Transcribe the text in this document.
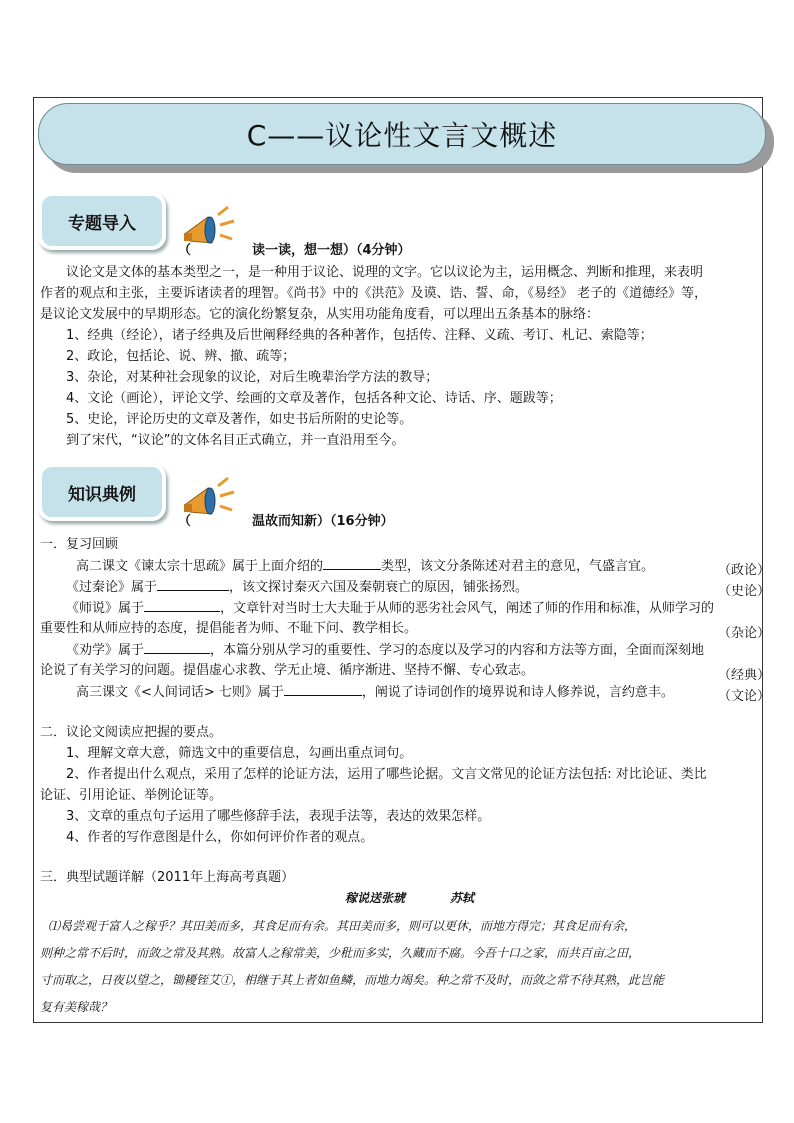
C——议论性文言文概述
专题导入
（	读一读，想一想）（4分钟）
议论文是文体的基本类型之一，是一种用于议论、说理的文字。它以议论为主，运用概念、判断和推理，来表明
作者的观点和主张，主要诉诸读者的理智。《尚书》中的《洪范》及谟、诰、誓、命，《易经》 老子的《道德经》等，
是议论文发展中的早期形态。它的演化纷繁复杂，从实用功能角度看，可以理出五条基本的脉络：
1、经典（经论），诸子经典及后世阐释经典的各种著作，包括传、注释、义疏、考订、札记、索隐等；
2、政论，包括论、说、辨、撤、疏等；
3、杂论，对某种社会现象的议论，对后生晚辈治学方法的教导；
4、文论（画论），评论文学、绘画的文章及著作，包括各种文论、诗话、序、题跋等；
5、史论，评论历史的文章及著作，如史书后所附的史论等。
到了宋代，“议论”的文体名目正式确立，并一直沿用至今。
知识典例
（	温故而知新）（16分钟）
一．复习回顾
高二课文《谏太宗十思疏》属于上面介绍的	类型，该文分条陈述对君主的意见，气盛言宜。	（政论）
《过秦论》属于	，该文探讨秦灭六国及秦朝衰亡的原因，铺张扬烈。	（史论）
《师说》属于	，文章针对当时士大夫耻于从师的恶劣社会风气，阐述了师的作用和标准，从师学习的
重要性和从师应持的态度，提倡能者为师、不耻下问、教学相长。	（杂论）
《劝学》属于	，本篇分别从学习的重要性、学习的态度以及学习的内容和方法等方面，全面而深刻地
论说了有关学习的问题。提倡虚心求教、学无止境、循序渐进、坚持不懈、专心致志。	（经典）
高三课文《<人间词话> 七则》属于	，阐说了诗词创作的境界说和诗人修养说，言约意丰。	（文论）
二．议论文阅读应把握的要点。
1、理解文章大意，筛选文中的重要信息，勾画出重点词句。
2、作者提出什么观点，采用了怎样的论证方法，运用了哪些论据。文言文常见的论证方法包括: 对比论证、类比
论证、引用论证、举例论证等。
3、文章的重点句子运用了哪些修辞手法，表现手法等，表达的效果怎样。
4、作者的写作意图是什么，你如何评价作者的观点。
三．典型试题详解（2011年上海高考真题）
稼说送张琥	苏轼
⑴曷尝观于富人之稼乎？其田美而多，其食足而有余。其田美而多，则可以更休，而地方得完；其食足而有余，
则种之常不后时，而敛之常及其熟。故富人之稼常美，少秕而多实，久藏而不腐。今吾十口之家，而共百亩之田，
寸而取之，日夜以望之，锄耰铚艾①，相继于其上者如鱼鳞，而地力竭矣。种之常不及时，而敛之常不待其熟，此岂能
复有美稼哉？
